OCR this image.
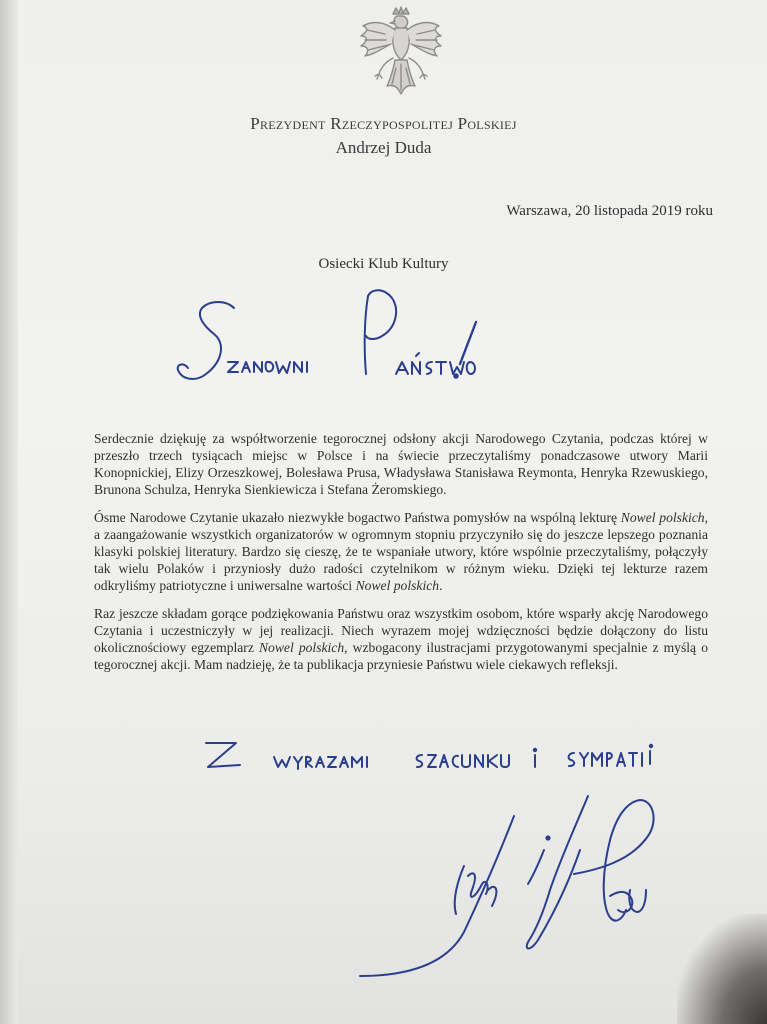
Prezydent Rzeczypospolitej Polskiej
Andrzej Duda
Warszawa, 20 listopada 2019 roku
Osiecki Klub Kultury

Serdecznie dziękuję za współtworzenie tegorocznej odsłony akcji Narodowego Czytania, podczas której w przeszło trzech tysiącach miejsc w Polsce i na świecie przeczytaliśmy ponadczasowe utwory Marii Konopnickiej, Elizy Orzeszkowej, Bolesława Prusa, Władysława Stanisława Reymonta, Henryka Rzewuskiego, Brunona Schulza, Henryka Sienkiewicza i Stefana Żeromskiego.

Ósme Narodowe Czytanie ukazało niezwykłe bogactwo Państwa pomysłów na wspólną lekturę Nowel polskich, a zaangażowanie wszystkich organizatorów w ogromnym stopniu przyczyniło się do jeszcze lepszego poznania klasyki polskiej literatury. Bardzo się cieszę, że te wspaniałe utwory, które wspólnie przeczytaliśmy, połączyły tak wielu Polaków i przyniosły dużo radości czytelnikom w różnym wieku. Dzięki tej lekturze razem odkryliśmy patriotyczne i uniwersalne wartości Nowel polskich.

Raz jeszcze składam gorące podziękowania Państwu oraz wszystkim osobom, które wsparły akcję Narodowego Czytania i uczestniczyły w jej realizacji. Niech wyrazem mojej wdzięczności będzie dołączony do listu okolicznościowy egzemplarz Nowel polskich, wzbogacony ilustracjami przygotowanymi specjalnie z myślą o tegorocznej akcji. Mam nadzieję, że ta publikacja przyniesie Państwu wiele ciekawych refleksji.
